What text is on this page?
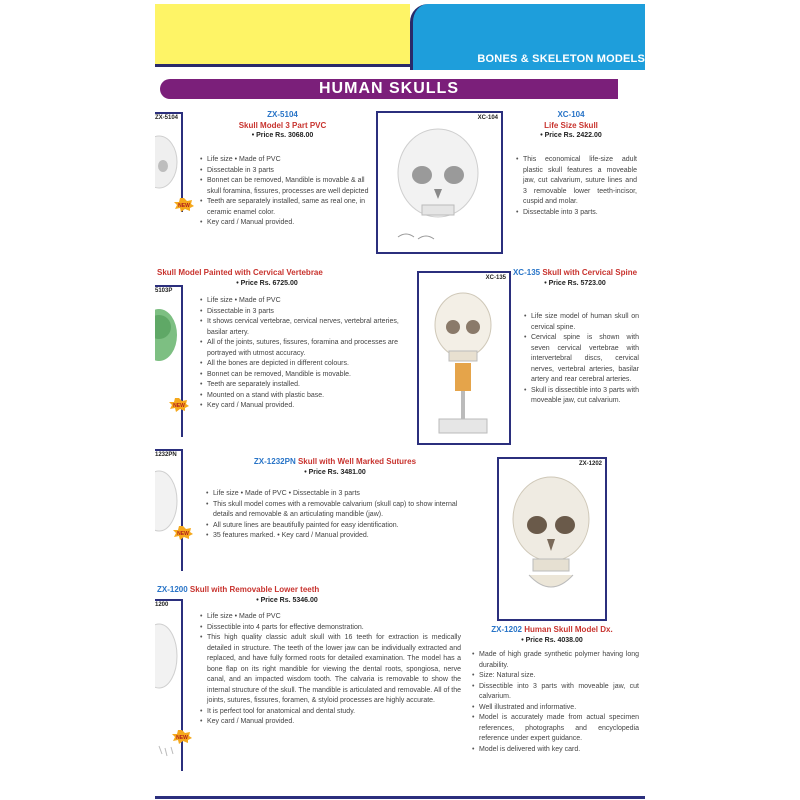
BONES & SKELETON MODELS
HUMAN SKULLS
ZX-5104
NEW
ZX-5104
Skull Model 3 Part PVC
• Price Rs. 3068.00
• Life size • Made of PVC
• Dissectable in 3 parts
• Bonnet can be removed, Mandible is movable & all skull foramina, fissures, processes are well depicted
• Teeth are separately installed, same as real one, in ceramic enamel color.
• Key card / Manual provided.
XC-104	XC-104
Life Size Skull
• Price Rs. 2422.00
• This economical life-size adult plastic skull features a moveable jaw, cut calvarium, suture lines and 3 removable lower teeth-incisor, cuspid and molar.
• Dissectable into 3 parts.
Skull Model Painted with Cervical Vertebrae
• Price Rs. 6725.00
5103P
NEW
• Life size • Made of PVC
• Dissectable in 3 parts
• It shows cervical vertebrae, cervical nerves, vertebral arteries, basilar artery.
• All of the joints, sutures, fissures, foramina and processes are portrayed with utmost accuracy.
• All the bones are depicted in different colours.
• Bonnet can be removed, Mandible is movable.
• Teeth are separately installed.
• Mounted on a stand with plastic base.
• Key card / Manual provided.
XC-135
XC-135 Skull with Cervical Spine
• Price Rs. 5723.00
• Life size model of human skull on cervical spine.
• Cervical spine is shown with seven cervical vertebrae with intervertebral discs, cervical nerves, vertebral arteries, basilar artery and rear cerebral arteries.
• Skull is dissectible into 3 parts with moveable jaw, cut calvarium.
1232PN
NEW
ZX-1232PN Skull with Well Marked Sutures
• Price Rs. 3481.00
• Life size • Made of PVC • Dissectable in 3 parts
• This skull model comes with a removable calvarium (skull cap) to show internal details and removable & an articulating mandible (jaw).
• All suture lines are beautifully painted for easy identification.
• 35 features marked. • Key card / Manual provided.
ZX-1202
ZX-1200 Skull with Removable Lower teeth
• Price Rs. 5346.00
1200
NEW
• Life size • Made of PVC
• Dissectible into 4 parts for effective demonstration.
• This high quality classic adult skull with 16 teeth for extraction is medically detailed in structure. The teeth of the lower jaw can be individually extracted and replaced, and have fully formed roots for detailed examination. The model has a bone flap on its right mandible for viewing the dental roots, spongiosa, nerve canal, and an impacted wisdom tooth. The calvaria is removable to show the internal structure of the skull. The mandible is articulated and removable. All of the joints, sutures, fissures, foramen, & styloid processes are highly accurate.
• It is perfect tool for anatomical and dental study.
• Key card / Manual provided.
ZX-1202 Human Skull Model Dx.
• Price Rs. 4038.00
• Made of high grade synthetic polymer having long durability.
• Size: Natural size.
• Dissectible into 3 parts with moveable jaw, cut calvarium.
• Well illustrated and informative.
• Model is accurately made from actual specimen references, photographs and encyclopedia reference under expert guidance.
• Model is delivered with key card.
